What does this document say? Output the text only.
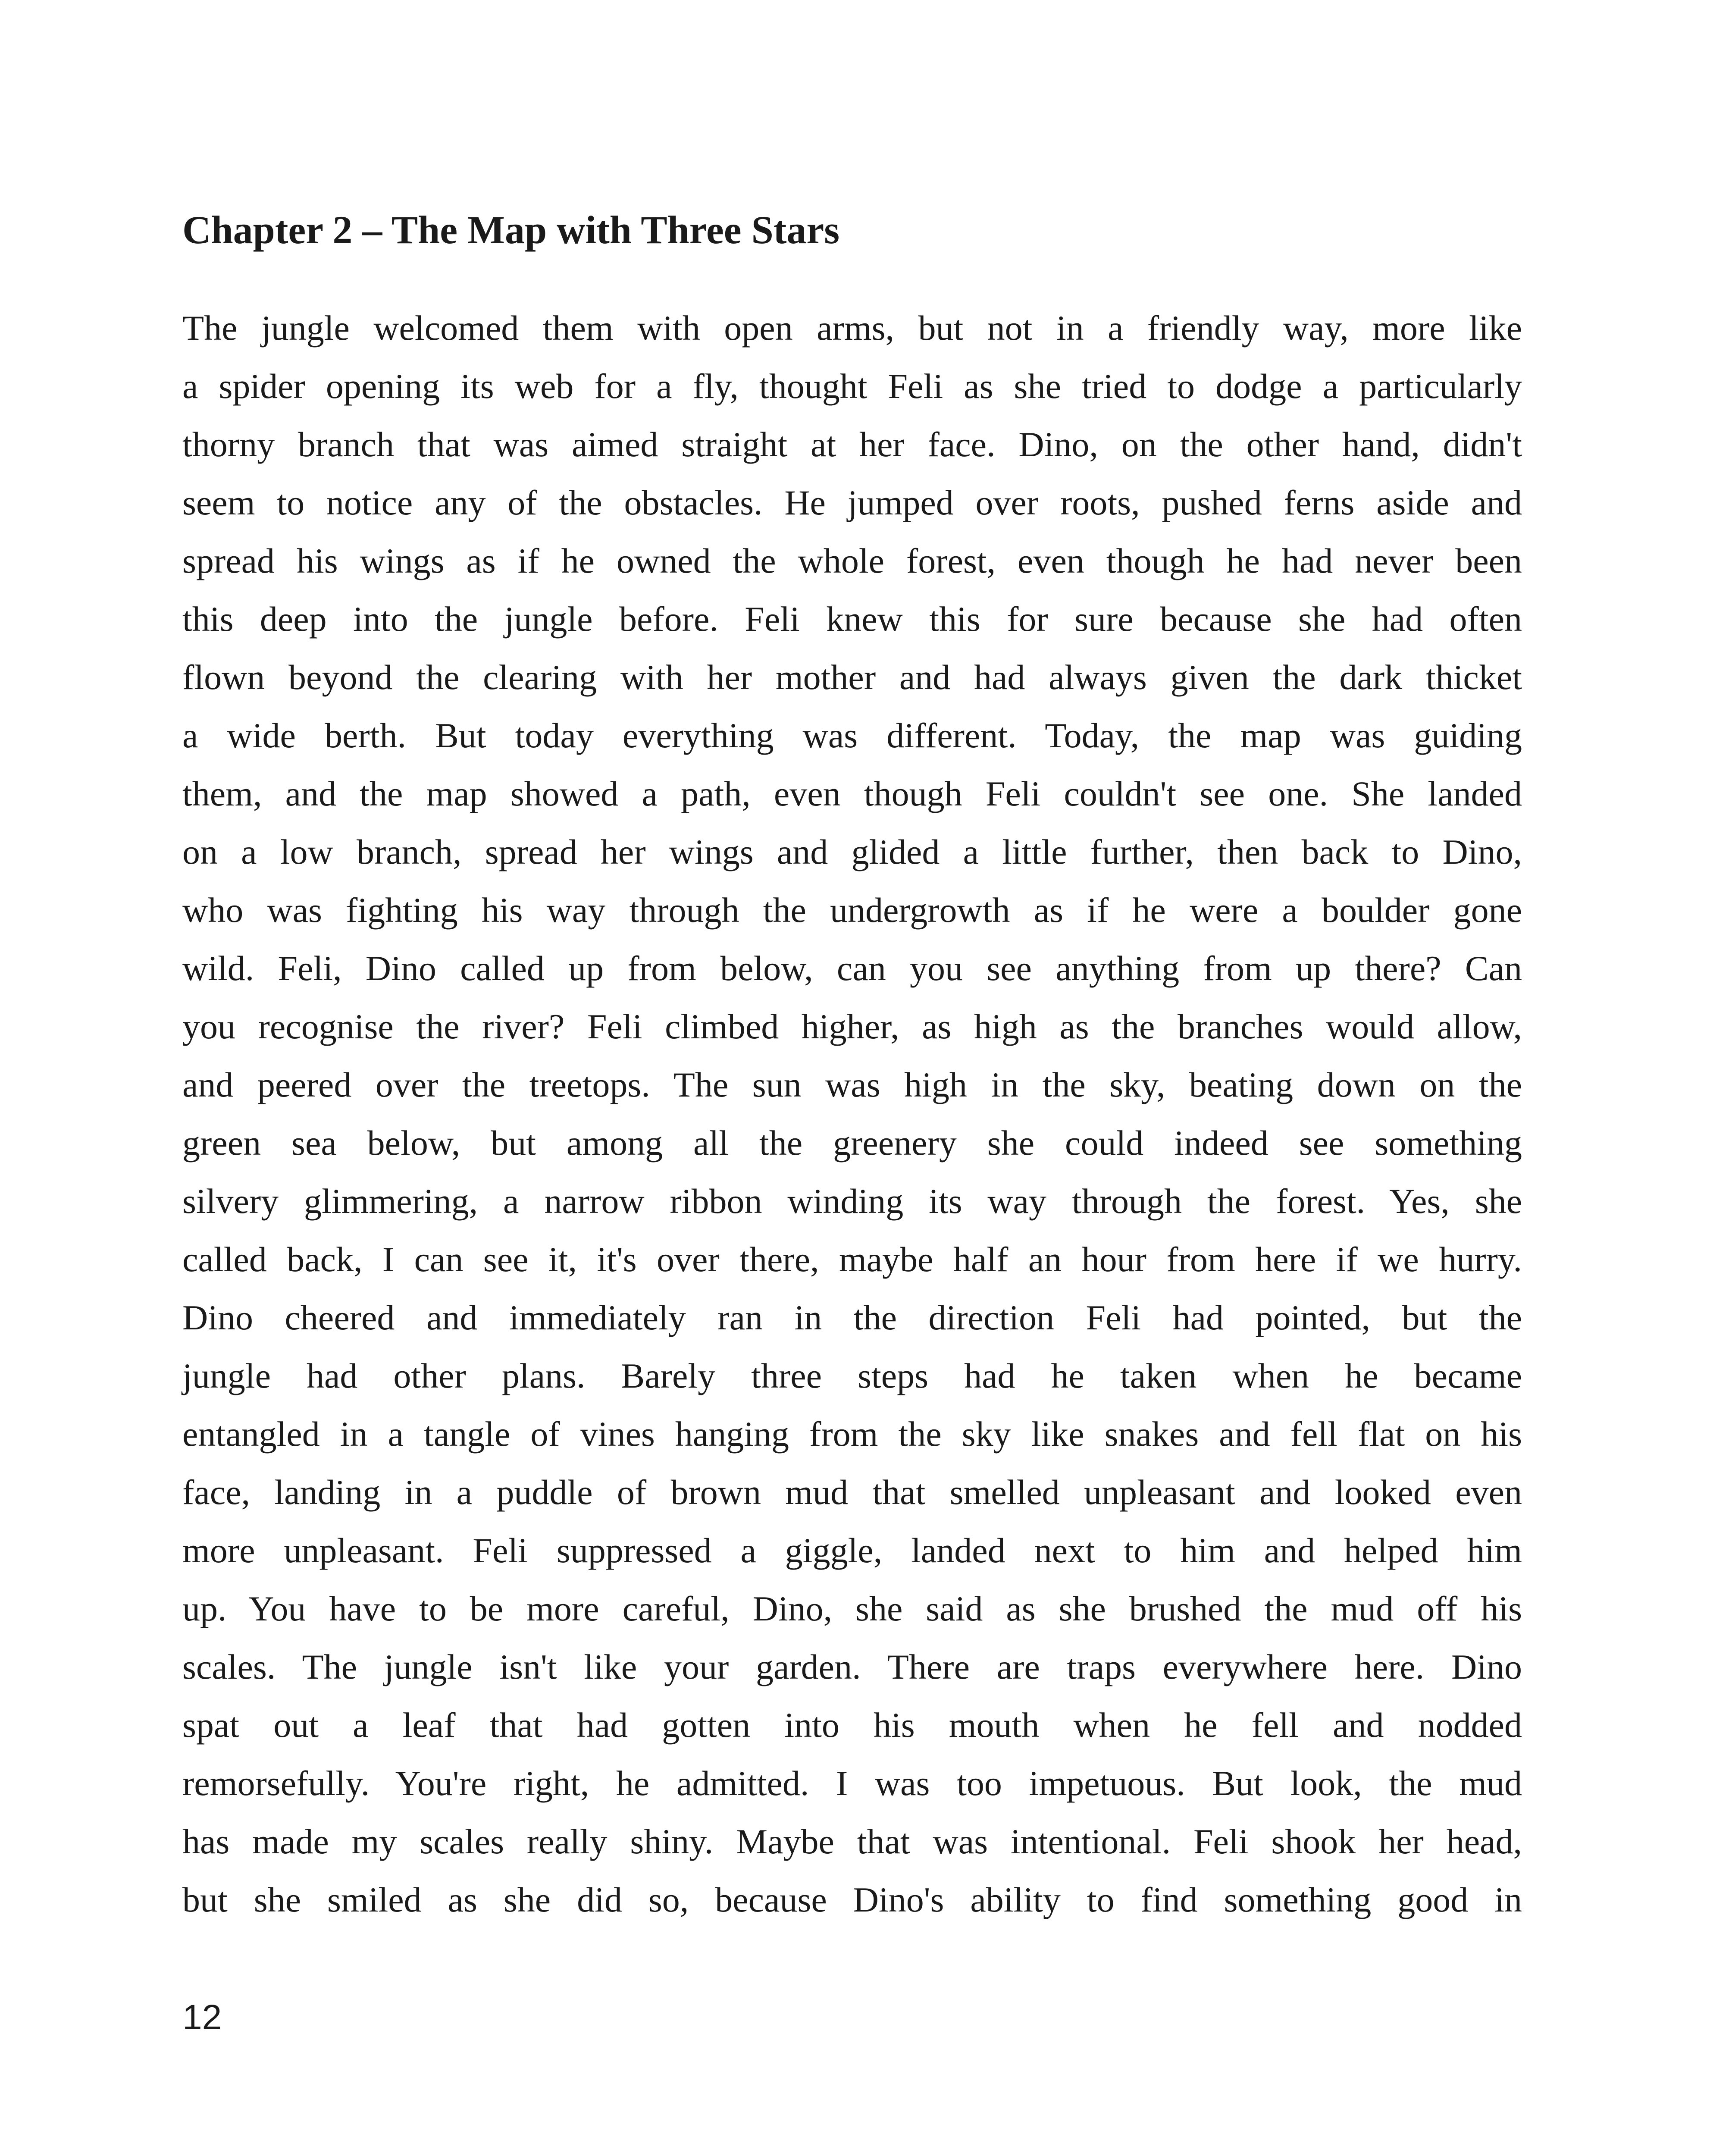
Chapter 2 – The Map with Three Stars
The jungle welcomed them with open arms, but not in a friendly way, more like
a spider opening its web for a fly, thought Feli as she tried to dodge a particularly
thorny branch that was aimed straight at her face. Dino, on the other hand, didn't
seem to notice any of the obstacles. He jumped over roots, pushed ferns aside and
spread his wings as if he owned the whole forest, even though he had never been
this deep into the jungle before. Feli knew this for sure because she had often
flown beyond the clearing with her mother and had always given the dark thicket
a wide berth. But today everything was different. Today, the map was guiding
them, and the map showed a path, even though Feli couldn't see one. She landed
on a low branch, spread her wings and glided a little further, then back to Dino,
who was fighting his way through the undergrowth as if he were a boulder gone
wild. Feli, Dino called up from below, can you see anything from up there? Can
you recognise the river? Feli climbed higher, as high as the branches would allow,
and peered over the treetops. The sun was high in the sky, beating down on the
green sea below, but among all the greenery she could indeed see something
silvery glimmering, a narrow ribbon winding its way through the forest. Yes, she
called back, I can see it, it's over there, maybe half an hour from here if we hurry.
Dino cheered and immediately ran in the direction Feli had pointed, but the
jungle had other plans. Barely three steps had he taken when he became
entangled in a tangle of vines hanging from the sky like snakes and fell flat on his
face, landing in a puddle of brown mud that smelled unpleasant and looked even
more unpleasant. Feli suppressed a giggle, landed next to him and helped him
up. You have to be more careful, Dino, she said as she brushed the mud off his
scales. The jungle isn't like your garden. There are traps everywhere here. Dino
spat out a leaf that had gotten into his mouth when he fell and nodded
remorsefully. You're right, he admitted. I was too impetuous. But look, the mud
has made my scales really shiny. Maybe that was intentional. Feli shook her head,
but she smiled as she did so, because Dino's ability to find something good in
12
